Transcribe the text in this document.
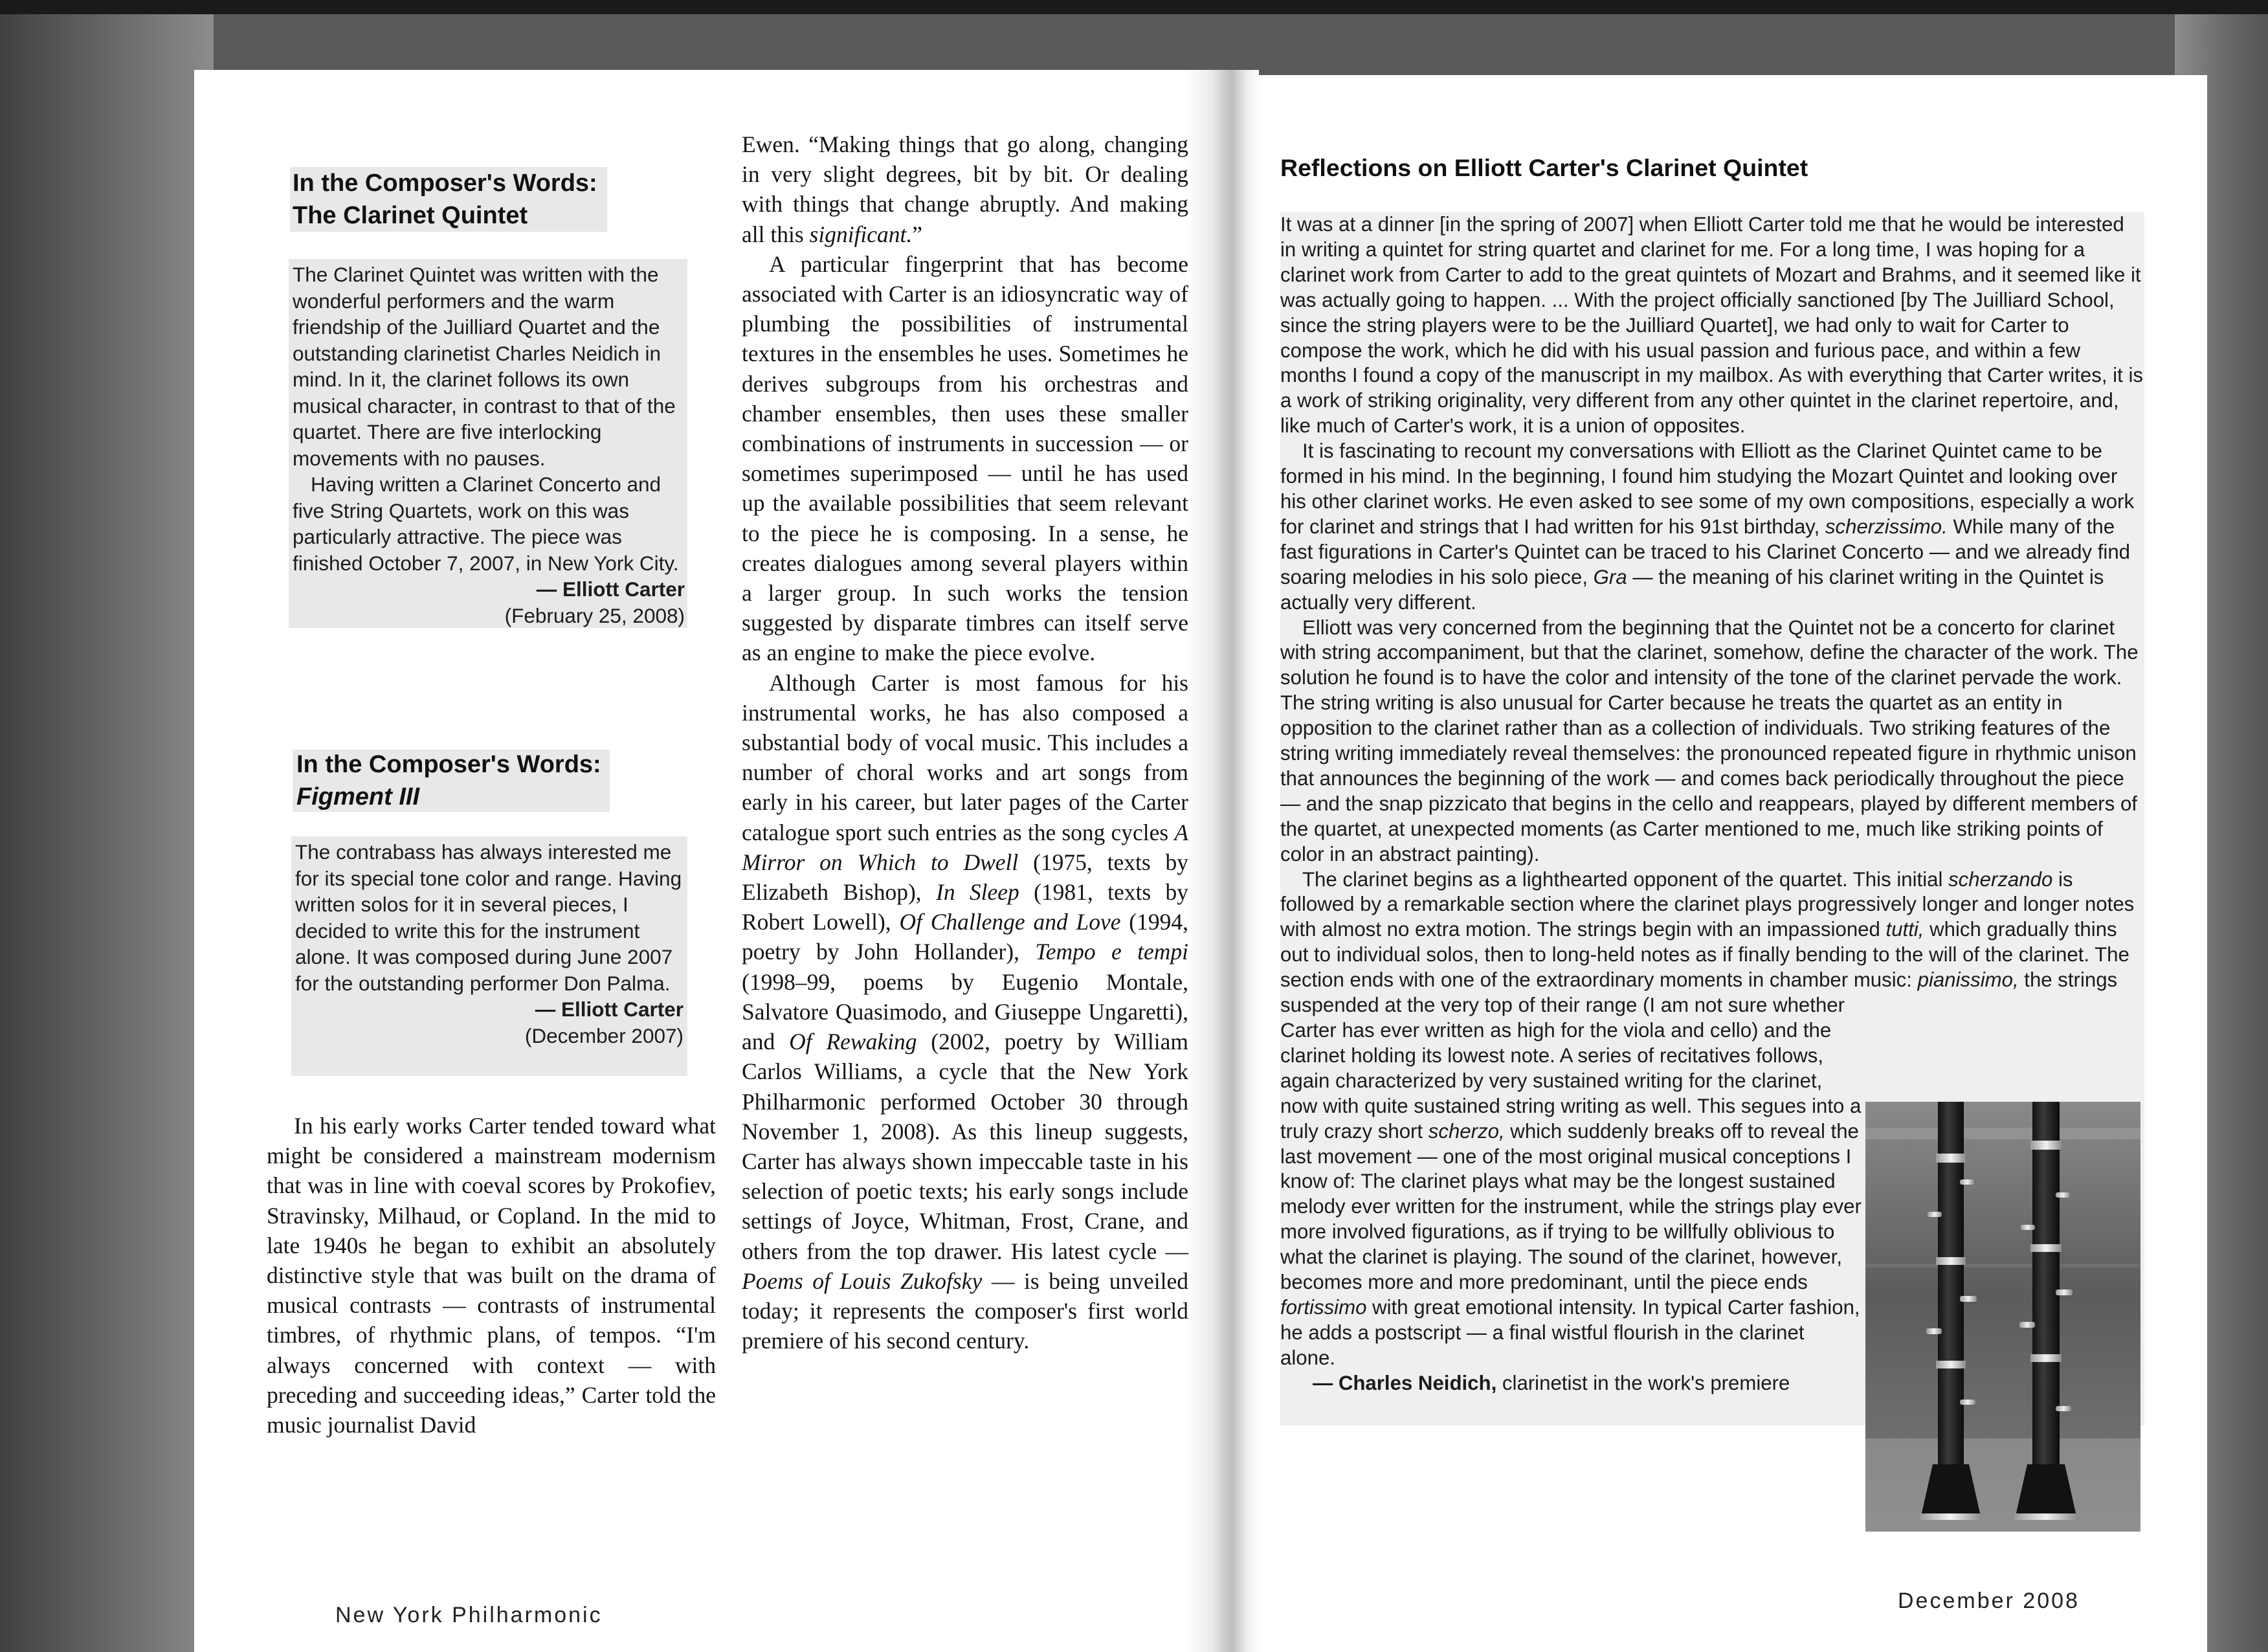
In the Composer's Words:
The Clarinet Quintet

The Clarinet Quintet was written with the wonderful performers and the warm friendship of the Juilliard Quartet and the outstanding clarinetist Charles Neidich in mind. In it, the clarinet follows its own musical character, in contrast to that of the quartet. There are five interlocking movements with no pauses.

Having written a Clarinet Concerto and five String Quartets, work on this was particularly attractive. The piece was finished October 7, 2007, in New York City.

— Elliott Carter

(February 25, 2008)

In the Composer's Words:
Figment III

The contrabass has always interested me for its special tone color and range. Having written solos for it in several pieces, I decided to write this for the instrument alone. It was composed during June 2007 for the outstanding performer Don Palma.

— Elliott Carter

(December 2007)

In his early works Carter tended toward what might be considered a mainstream modernism that was in line with coeval scores by Prokofiev, Stravinsky, Milhaud, or Copland. In the mid to late 1940s he began to exhibit an absolutely distinctive style that was built on the drama of musical contrasts — contrasts of instrumental timbres, of rhythmic plans, of tempos. “I'm always concerned with context — with preceding and succeeding ideas,” Carter told the music journalist David

Ewen. “Making things that go along, changing in very slight degrees, bit by bit. Or dealing with things that change abruptly. And making all this significant.”

A particular fingerprint that has become associated with Carter is an idiosyncratic way of plumbing the possibilities of instrumental textures in the ensembles he uses. Sometimes he derives subgroups from his orchestras and chamber ensembles, then uses these smaller combinations of instruments in succession — or sometimes superimposed — until he has used up the available possibilities that seem relevant to the piece he is composing. In a sense, he creates dialogues among several players within a larger group. In such works the tension suggested by disparate timbres can itself serve as an engine to make the piece evolve.

Although Carter is most famous for his instrumental works, he has also composed a substantial body of vocal music. This includes a number of choral works and art songs from early in his career, but later pages of the Carter catalogue sport such entries as the song cycles A Mirror on Which to Dwell (1975, texts by Elizabeth Bishop), In Sleep (1981, texts by Robert Lowell), Of Challenge and Love (1994, poetry by John Hollander), Tempo e tempi (1998–99, poems by Eugenio Montale, Salvatore Quasimodo, and Giuseppe Ungaretti), and Of Rewaking (2002, poetry by William Carlos Williams, a cycle that the New York Philharmonic performed October 30 through November 1, 2008). As this lineup suggests, Carter has always shown impeccable taste in his selection of poetic texts; his early songs include settings of Joyce, Whitman, Frost, Crane, and others from the top drawer. His latest cycle — Poems of Louis Zukofsky — is being unveiled today; it represents the composer's first world premiere of his second century.

New York Philharmonic
Reflections on Elliott Carter's Clarinet Quintet

It was at a dinner [in the spring of 2007] when Elliott Carter told me that he would be interested in writing a quintet for string quartet and clarinet for me. For a long time, I was hoping for a clarinet work from Carter to add to the great quintets of Mozart and Brahms, and it seemed like it was actually going to happen. ... With the project officially sanctioned [by The Juilliard School, since the string players were to be the Juilliard Quartet], we had only to wait for Carter to compose the work, which he did with his usual passion and furious pace, and within a few months I found a copy of the manuscript in my mailbox. As with everything that Carter writes, it is a work of striking originality, very different from any other quintet in the clarinet repertoire, and, like much of Carter's work, it is a union of opposites.

It is fascinating to recount my conversations with Elliott as the Clarinet Quintet came to be formed in his mind. In the beginning, I found him studying the Mozart Quintet and looking over his other clarinet works. He even asked to see some of my own compositions, especially a work for clarinet and strings that I had written for his 91st birthday, scherzissimo. While many of the fast figurations in Carter's Quintet can be traced to his Clarinet Concerto — and we already find soaring melodies in his solo piece, Gra — the meaning of his clarinet writing in the Quintet is actually very different.

Elliott was very concerned from the beginning that the Quintet not be a concerto for clarinet with string accompaniment, but that the clarinet, somehow, define the character of the work. The solution he found is to have the color and intensity of the tone of the clarinet pervade the work. The string writing is also unusual for Carter because he treats the quartet as an entity in opposition to the clarinet rather than as a collection of individuals. Two striking features of the string writing immediately reveal themselves: the pronounced repeated figure in rhythmic unison that announces the beginning of the work — and comes back periodically throughout the piece — and the snap pizzicato that begins in the cello and reappears, played by different members of the quartet, at unexpected moments (as Carter mentioned to me, much like striking points of color in an abstract painting).

The clarinet begins as a lighthearted opponent of the quartet. This initial scherzando is followed by a remarkable section where the clarinet plays progressively longer and longer notes with almost no extra motion. The strings begin with an impassioned tutti, which gradually thins out to individual solos, then to long-held notes as if finally bending to the will of the clarinet. The section ends with one of the extraordinary moments in chamber music: pianissimo,
the strings suspended at the very top of their range (I am not sure whether Carter has ever written as high for the viola and cello) and the clarinet holding its lowest note. A series of recitatives follows, again characterized by very sustained writing for the clarinet, now with quite sustained string writing as well. This segues into a truly crazy short scherzo, which suddenly breaks off to reveal the last movement — one of the most original musical conceptions I know of: The clarinet plays what may be the longest sustained melody ever written for the instrument, while the strings play ever more involved figurations, as if trying to be willfully oblivious to what the clarinet is playing. The sound of the clarinet, however, becomes more and more predominant, until the piece ends fortissimo with great emotional intensity. In typical Carter fashion, he adds a postscript — a final wistful flourish in the clarinet alone.

— Charles Neidich, clarinetist in the work's premiere

December 2008
